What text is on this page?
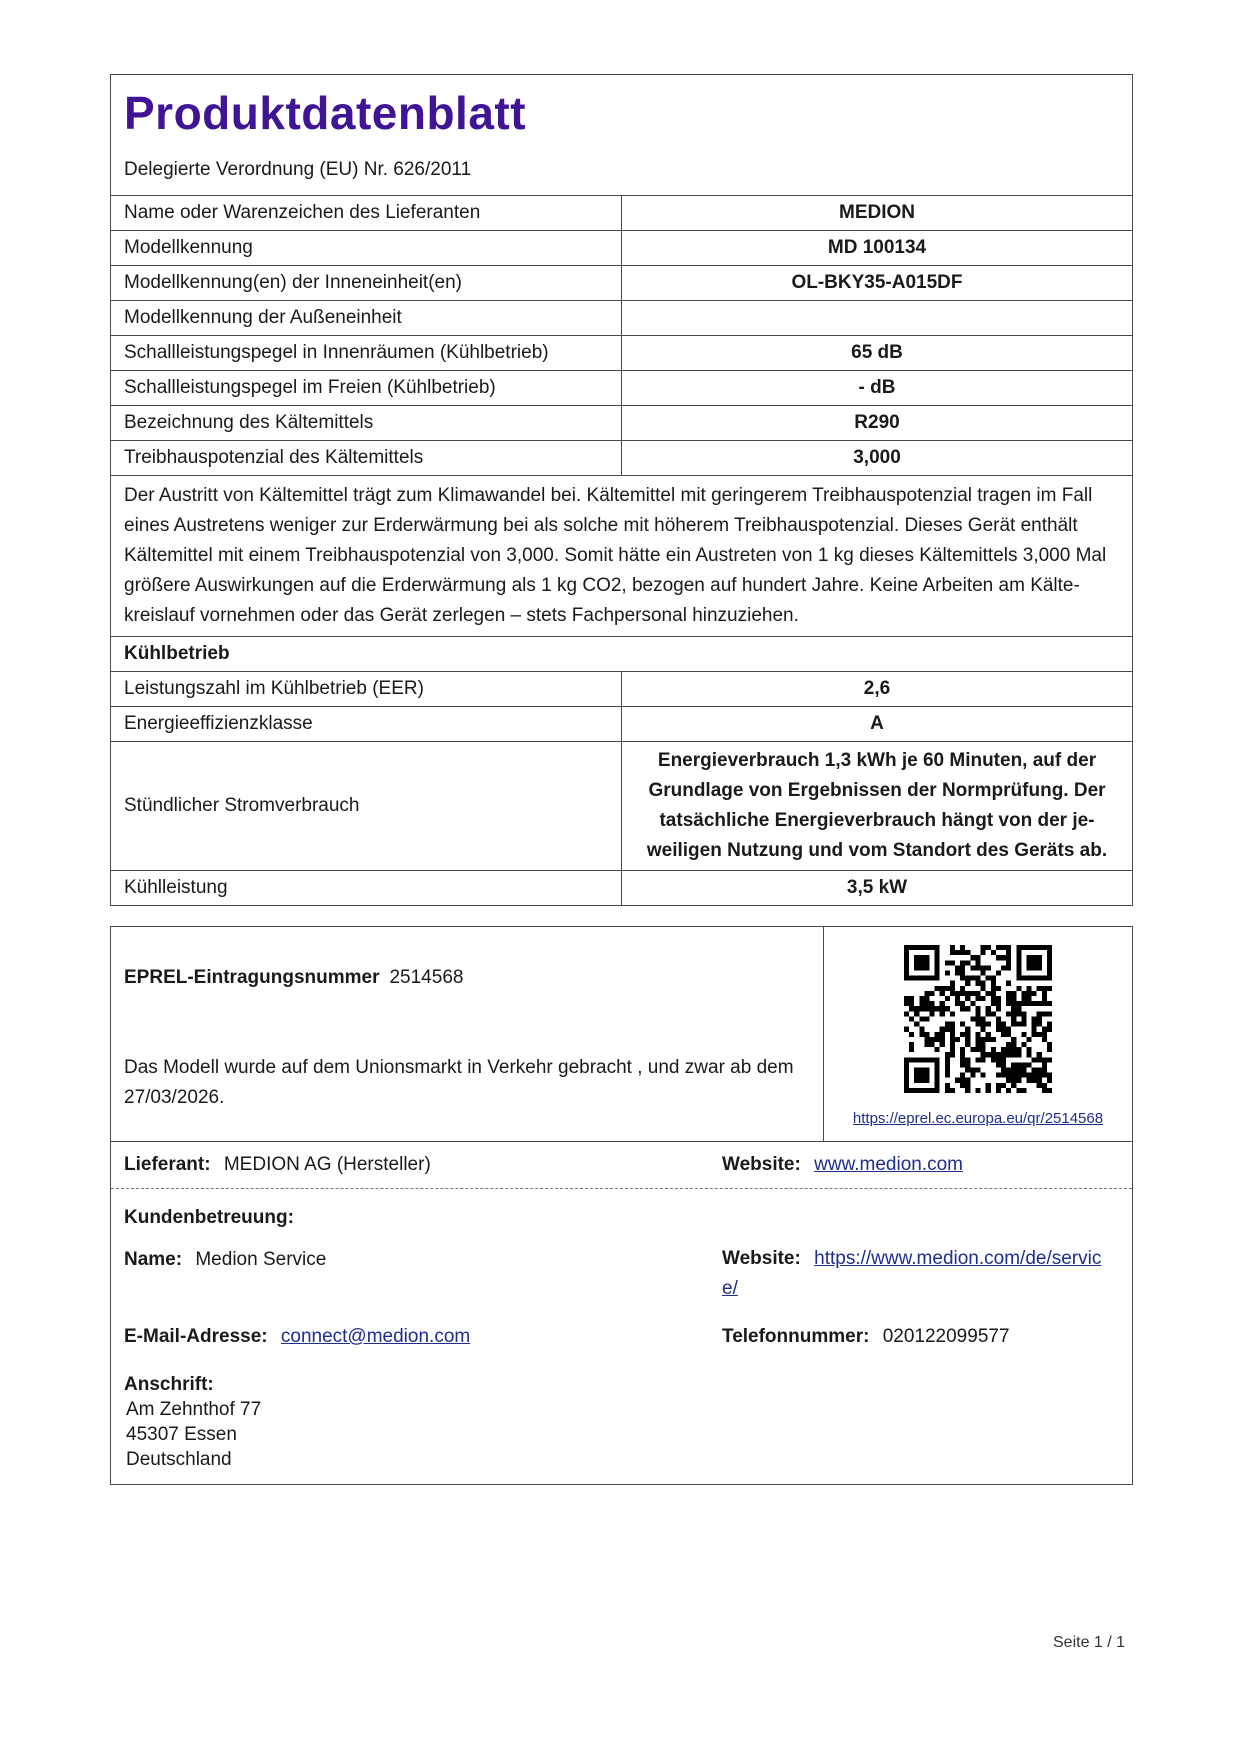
Produktdatenblatt
Delegierte Verordnung (EU) Nr. 626/2011
Name oder Warenzeichen des Lieferanten	MEDION
Modellkennung	MD 100134
Modellkennung(en) der Inneneinheit(en)	OL-BKY35-A015DF
Modellkennung der Außeneinheit	
Schallleistungspegel in Innenräumen (Kühlbetrieb)	65 dB
Schallleistungspegel im Freien (Kühlbetrieb)	- dB
Bezeichnung des Kältemittels	R290
Treibhauspotenzial des Kältemittels	3,000
Der Austritt von Kältemittel trägt zum Klimawandel bei. Kältemittel mit geringerem Treibhauspotenzial tragen im Fall eines Austretens weniger zur Erderwärmung bei als solche mit höherem Treibhauspotenzial. Dieses Gerät enthält Kältemittel mit einem Treibhauspotenzial von 3,000. Somit hätte ein Austreten von 1 kg dieses Kältemittels 3,000 Mal größere Auswirkungen auf die Erderwärmung als 1 kg CO2, bezogen auf hundert Jahre. Keine Arbeiten am Kälte-kreislauf vornehmen oder das Gerät zerlegen – stets Fachpersonal hinzuziehen.	
Kühlbetrieb	
Leistungszahl im Kühlbetrieb (EER)	2,6
Energieeffizienzklasse	A
Stündlicher Stromverbrauch	Energieverbrauch 1,3 kWh je 60 Minuten, auf der Grundlage von Ergebnissen der Normprüfung. Der tatsächliche Energieverbrauch hängt von der je-weiligen Nutzung und vom Standort des Geräts ab.
Kühlleistung	3,5 kW
EPREL-Eintragungsnummer 2514568
Das Modell wurde auf dem Unionsmarkt in Verkehr gebracht , und zwar ab dem 27/03/2026.
https://eprel.ec.europa.eu/qr/2514568
Lieferant: MEDION AG (Hersteller)	Website: www.medion.com
Kundenbetreuung:
Name: Medion Service	Website: https://www.medion.com/de/service/
E-Mail-Adresse: connect@medion.com	Telefonnummer: 020122099577
Anschrift:
Am Zehnthof 77
45307 Essen
Deutschland
Seite 1 / 1
